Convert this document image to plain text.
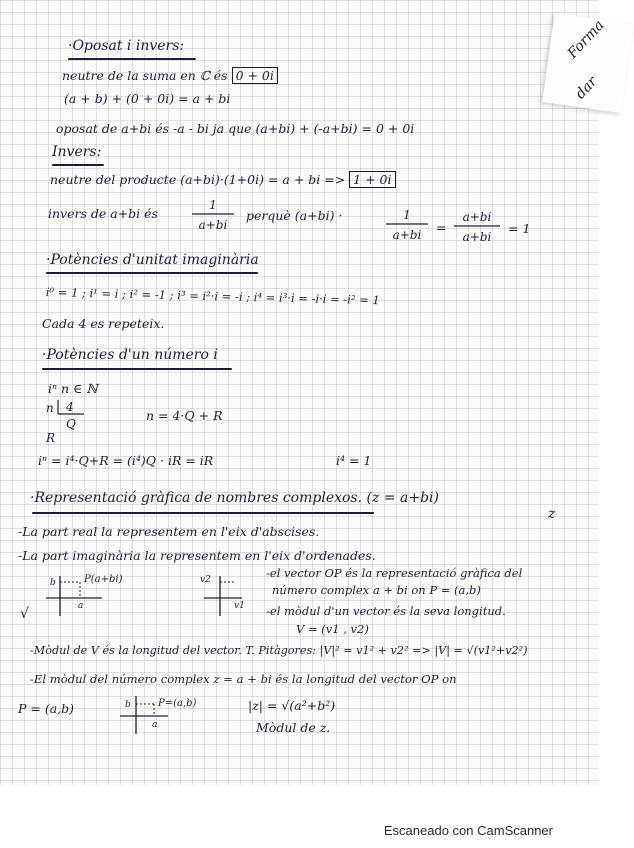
Forma
dar
·Oposat i invers:
neutre de la suma en ℂ és 0 + 0i
(a + b) + (0 + 0i) = a + bi
oposat de a+bi és -a - bi ja que (a+bi) + (-a+bi) = 0 + 0i
Invers:
neutre del producte (a+bi)·(1+0i) = a + bi => 1 + 0i
invers de a+bi és
1
a+bi
perquè (a+bi) ·	1
a+bi =
a+bi
a+bi
= 1
·Potències d'unitat imaginària
i⁰ = 1 ; i¹ = i ; i² = -1 ; i³ = i²·i = -i ; i⁴ = i³·i = -i·i = -i² = 1
Cada 4 es repeteix.
·Potències d'un número i
iⁿ n ∈ ℕ
n 4
Q
R
n = 4·Q + R
iⁿ = i⁴·Q+R = (i⁴)Q · iR = iR	i⁴ = 1
·Representació gràfica de nombres complexos. (z = a+bi)
z
-La part real la representem en l'eix d'abscises.
-La part imaginària la representem en l'eix d'ordenades.
b
a
P(a+bi)	v2
v1
-el vector OP és la representació gràfica del
número complex a + bi on P = (a,b)
-el mòdul d'un vector és la seva longitud.
V = (v1 , v2)
√
-Mòdul de V és la longitud del vector. T. Pitàgores: |V|² = v1² + v2² => |V| = √(v1²+v2²)
-El mòdul del número complex z = a + bi és la longitud del vector OP on
P = (a,b)	b
a
P=(a,b)	|z| = √(a²+b²)
Mòdul de z.
Escaneado con CamScanner
